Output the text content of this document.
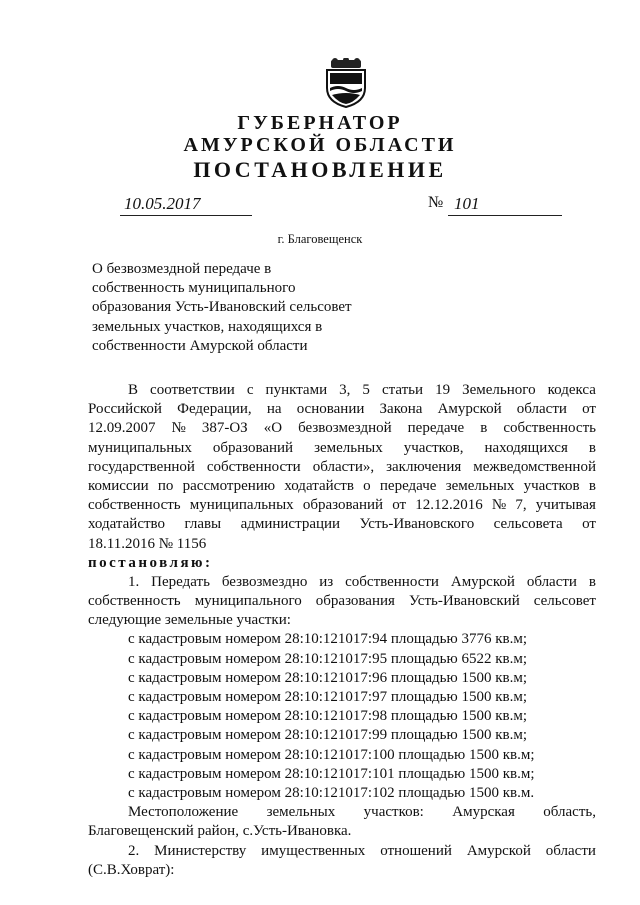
ГУБЕРНАТОР
АМУРСКОЙ ОБЛАСТИ
ПОСТАНОВЛЕНИЕ
10.05.2017	№ 101
г. Благовещенск
О безвозмездной передаче в
собственность муниципального
образования Усть-Ивановский сельсовет
земельных участков, находящихся в
собственности Амурской области
В соответствии с пунктами 3, 5 статьи 19 Земельного кодекса
Российской Федерации, на основании Закона Амурской области от
12.09.2007 № 387-ОЗ «О безвозмездной передаче в собственность
муниципальных образований земельных участков, находящихся в
государственной собственности области», заключения межведомственной
комиссии по рассмотрению ходатайств о передаче земельных участков в
собственность муниципальных образований от 12.12.2016 № 7, учитывая
ходатайство главы администрации Усть-Ивановского сельсовета от
18.11.2016 № 1156
постановляю:
1. Передать безвозмездно из собственности Амурской области в
собственность муниципального образования Усть-Ивановский сельсовет
следующие земельные участки:
с кадастровым номером 28:10:121017:94 площадью 3776 кв.м;
с кадастровым номером 28:10:121017:95 площадью 6522 кв.м;
с кадастровым номером 28:10:121017:96 площадью 1500 кв.м;
с кадастровым номером 28:10:121017:97 площадью 1500 кв.м;
с кадастровым номером 28:10:121017:98 площадью 1500 кв.м;
с кадастровым номером 28:10:121017:99 площадью 1500 кв.м;
с кадастровым номером 28:10:121017:100 площадью 1500 кв.м;
с кадастровым номером 28:10:121017:101 площадью 1500 кв.м;
с кадастровым номером 28:10:121017:102 площадью 1500 кв.м.
Местоположение земельных участков: Амурская область,
Благовещенский район, с.Усть-Ивановка.
2. Министерству имущественных отношений Амурской области
(С.В.Ховрат):
